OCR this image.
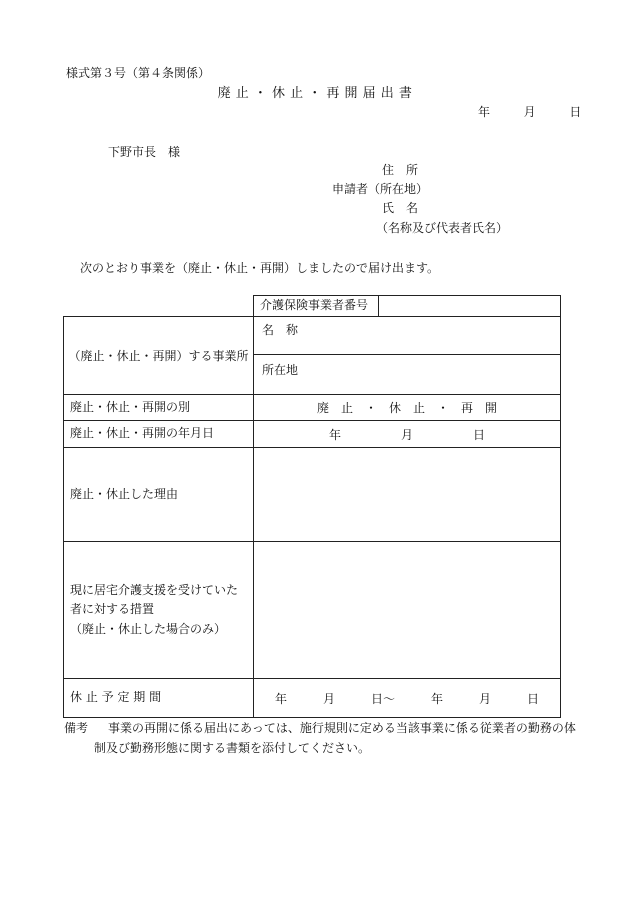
様式第３号（第４条関係）
廃 止 ・ 休 止 ・ 再 開 届 出 書
年	月	日
下野市長　様
住　所
申請者（所在地）
氏　名
（名称及び代表者氏名）
次のとおり事業を（廃止・休止・再開）しましたので届け出ます。
	介護保険事業者番号	
（廃止・休止・再開）する事業所	名　称	
	所在地	
廃止・休止・再開の別	廃　止　・　休　止　・　再　開	
廃止・休止・再開の年月日	年　　　　　月　　　　　日	
廃止・休止した理由		

現に居宅介護支援を受けていた
者に対する措置
（廃止・休止した場合のみ）		

休 止 予 定 期 間	年　　　月　　　日～　　　年　　　月　　　日	
備考 事業の再開に係る届出にあっては、施行規則に定める当該事業に係る従業者の勤務の体
制及び勤務形態に関する書類を添付してください。
